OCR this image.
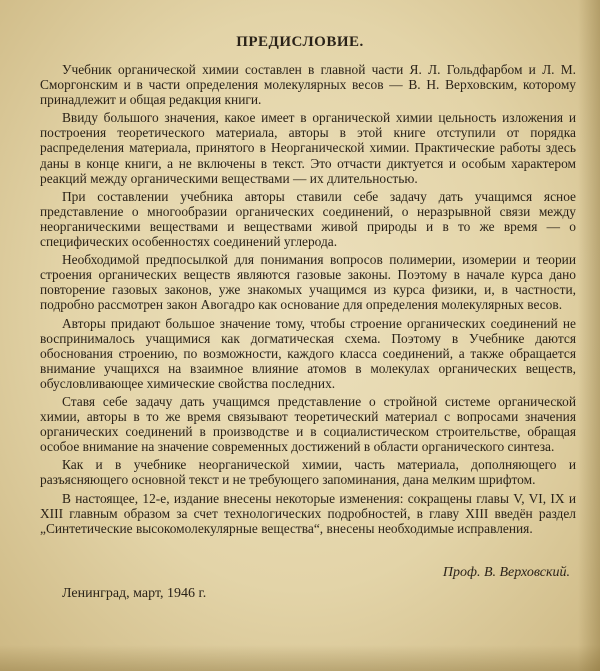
ПРЕДИСЛОВИЕ.

Учебник органической химии составлен в главной части Я. Л. Гольдфарбом и Л. М. Сморгонским и в части определения молекулярных весов — В. Н. Верховским, которому принадлежит и общая редакция книги.

Ввиду большого значения, какое имеет в органической химии цельность изложения и построения теоретического материала, авторы в этой книге отступили от порядка распределения материала, принятого в Неорганической химии. Практические работы здесь даны в конце книги, а не включены в текст. Это отчасти диктуется и особым характером реакций между органическими веществами — их длительностью.

При составлении учебника авторы ставили себе задачу дать учащимся ясное представление о многообразии органических соединений, о неразрывной связи между неорганическими веществами и веществами живой природы и в то же время — о специфических особенностях соединений углерода.

Необходимой предпосылкой для понимания вопросов полимерии, изомерии и теории строения органических веществ являются газовые законы. Поэтому в начале курса дано повторение газовых законов, уже знакомых учащимся из курса физики, и, в частности, подробно рассмотрен закон Авогадро как основание для определения молекулярных весов.

Авторы придают большое значение тому, чтобы строение органических соединений не воспринималось учащимися как догматическая схема. Поэтому в Учебнике даются обоснования строению, по возможности, каждого класса соединений, а также обращается внимание учащихся на взаимное влияние атомов в молекулах органических веществ, обусловливающее химические свойства последних.

Ставя себе задачу дать учащимся представление о стройной системе органической химии, авторы в то же время связывают теоретический материал с вопросами значения органических соединений в производстве и в социалистическом строительстве, обращая особое внимание на значение современных достижений в области органического синтеза.

Как и в учебнике неорганической химии, часть материала, дополняющего и разъясняющего основной текст и не требующего запоминания, дана мелким шрифтом.

В настоящее, 12-е, издание внесены некоторые изменения: сокращены главы V, VI, IX и XIII главным образом за счет технологических подробностей, в главу XIII введён раздел „Синтетические высокомолекулярные вещества“, внесены необходимые исправления.

Проф. В. Верховский.
Ленинград, март, 1946 г.
